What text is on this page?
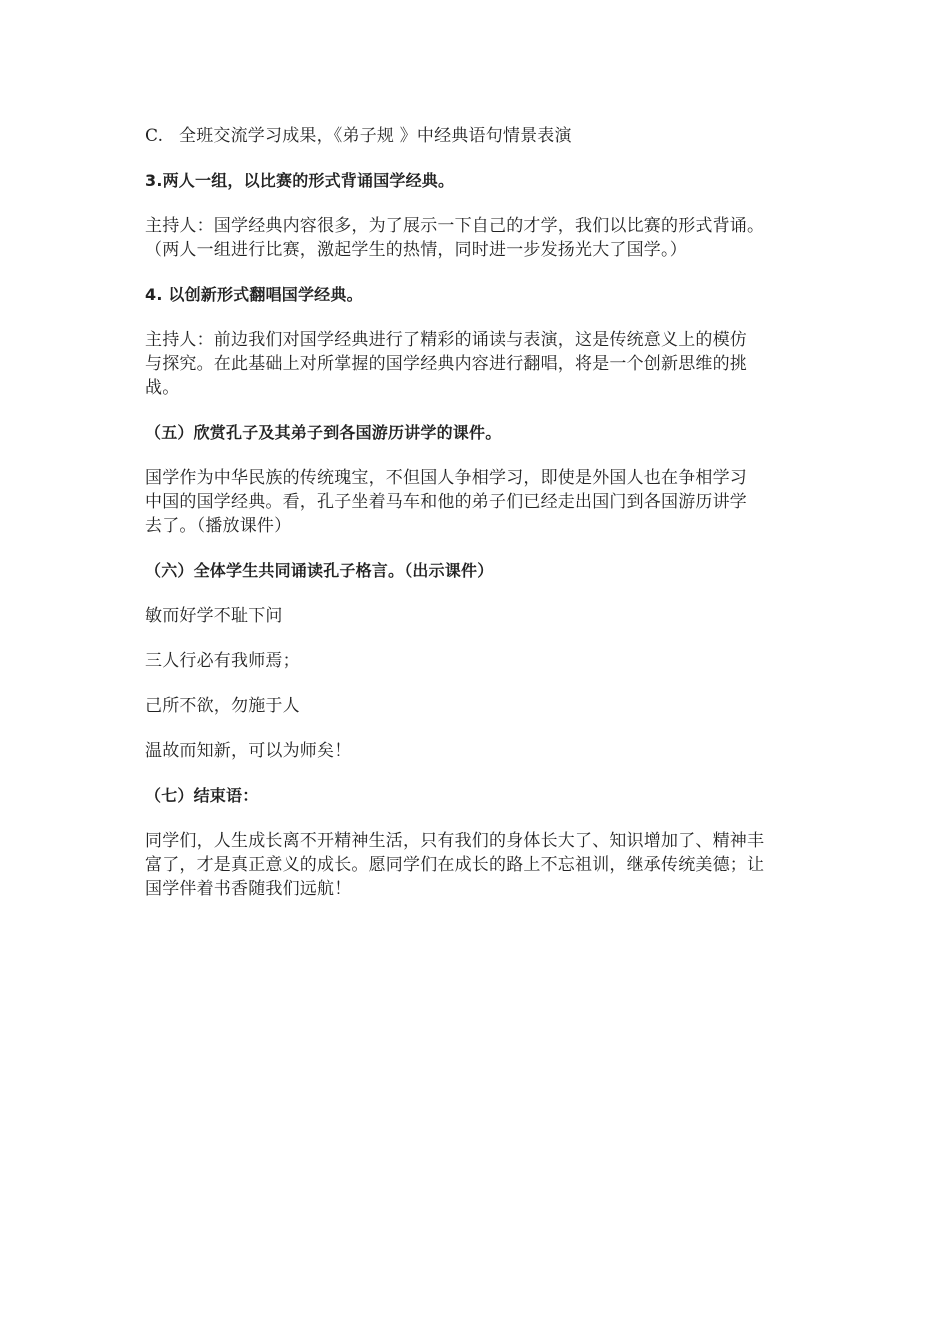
C. 全班交流学习成果，《弟子规 》中经典语句情景表演

3.两人一组，以比赛的形式背诵国学经典。

主持人：国学经典内容很多，为了展示一下自己的才学，我们以比赛的形式背诵。
（两人一组进行比赛，激起学生的热情，同时进一步发扬光大了国学。）

4. 以创新形式翻唱国学经典。

主持人：前边我们对国学经典进行了精彩的诵读与表演，这是传统意义上的模仿
与探究。在此基础上对所掌握的国学经典内容进行翻唱，将是一个创新思维的挑
战。

（五）欣赏孔子及其弟子到各国游历讲学的课件。

国学作为中华民族的传统瑰宝，不但国人争相学习，即使是外国人也在争相学习
中国的国学经典。看，孔子坐着马车和他的弟子们已经走出国门到各国游历讲学
去了。（播放课件）

（六）全体学生共同诵读孔子格言。（出示课件）

敏而好学不耻下问

三人行必有我师焉；

己所不欲，勿施于人

温故而知新，可以为师矣！

（七）结束语：

同学们，人生成长离不开精神生活，只有我们的身体长大了、知识增加了、精神丰
富了，才是真正意义的成长。愿同学们在成长的路上不忘祖训，继承传统美德；让
国学伴着书香随我们远航！
